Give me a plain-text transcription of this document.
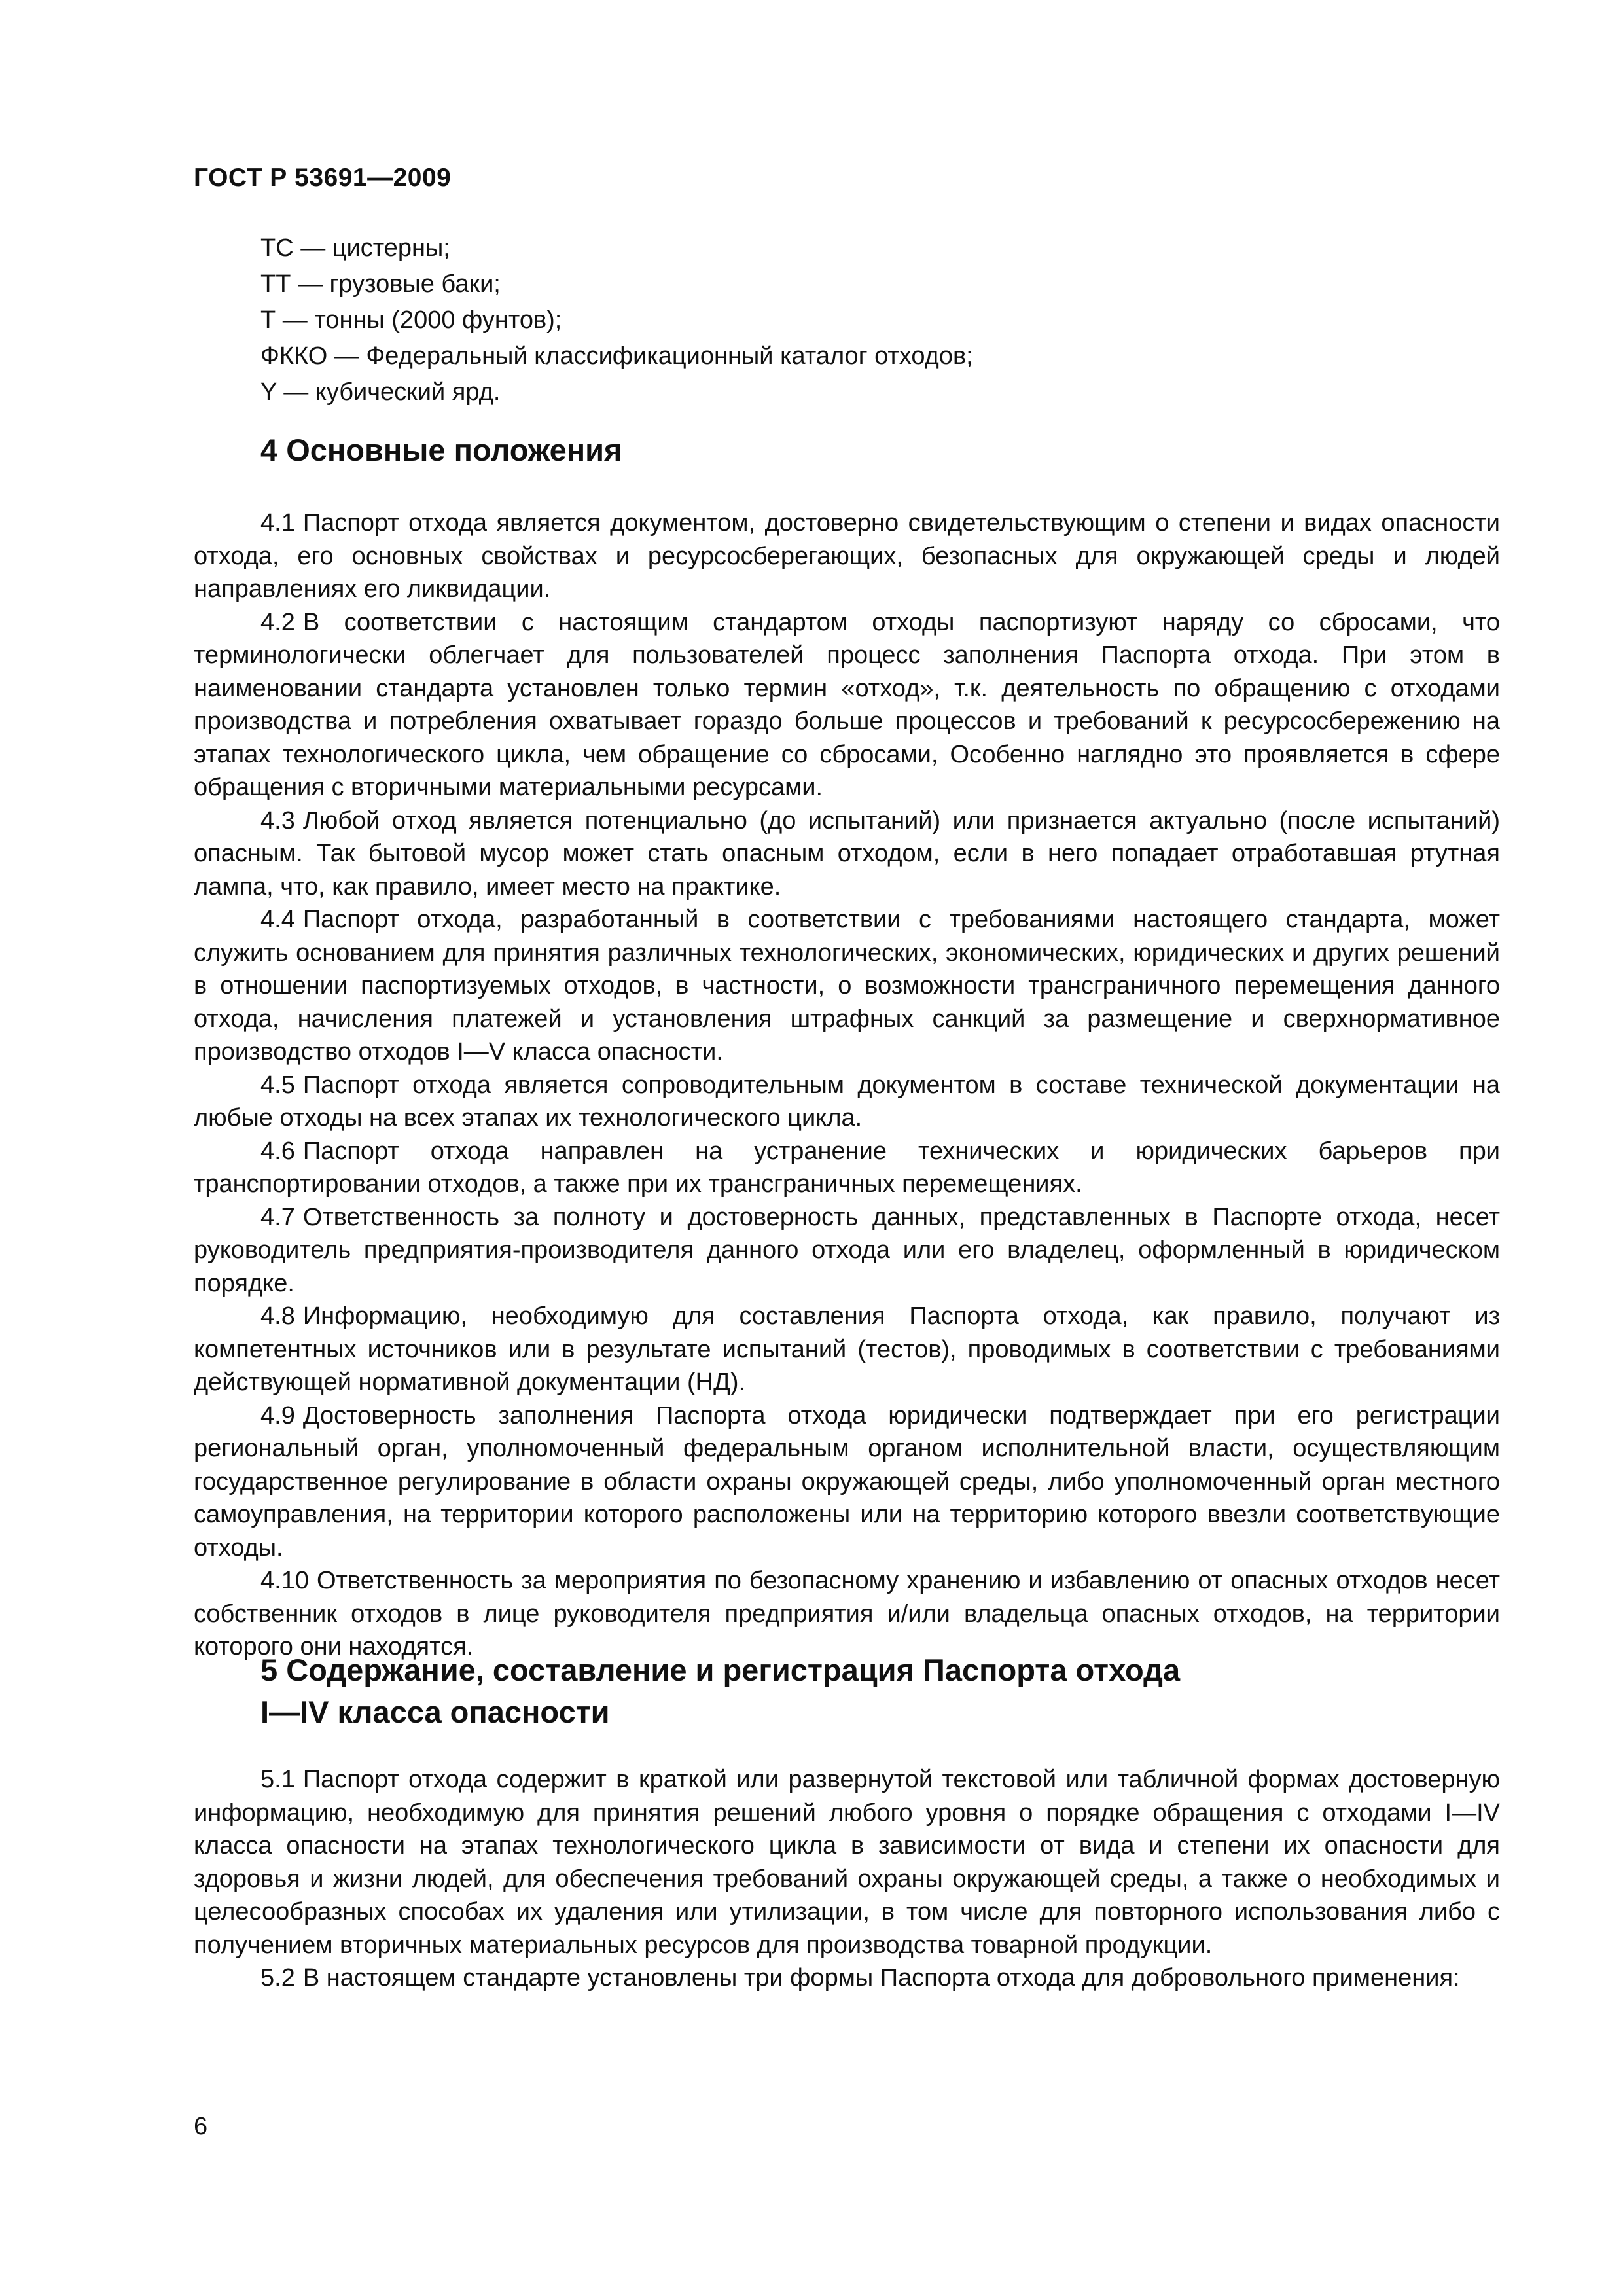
ГОСТ Р 53691—2009

ТС — цистерны;
ТТ — грузовые баки;
Т — тонны (2000 фунтов);
ФККО — Федеральный классификационный каталог отходов;
Y — кубический ярд.
4 Основные положения

4.1 Паспорт отхода является документом, достоверно свидетельствующим о степени и видах опасности отхода, его основных свойствах и ресурсосберегающих, безопасных для окружающей среды и людей направлениях его ликвидации.

4.2 В соответствии с настоящим стандартом отходы паспортизуют наряду со сбросами, что терминологически облегчает для пользователей процесс заполнения Паспорта отхода. При этом в наименовании стандарта установлен только термин «отход», т.к. деятельность по обращению с отходами производства и потребления охватывает гораздо больше процессов и требований к ресурсосбережению на этапах технологического цикла, чем обращение со сбросами, Особенно наглядно это проявляется в сфере обращения с вторичными материальными ресурсами.

4.3 Любой отход является потенциально (до испытаний) или признается актуально (после испытаний) опасным. Так бытовой мусор может стать опасным отходом, если в него попадает отработавшая ртутная лампа, что, как правило, имеет место на практике.

4.4 Паспорт отхода, разработанный в соответствии с требованиями настоящего стандарта, может служить основанием для принятия различных технологических, экономических, юридических и других решений в отношении паспортизуемых отходов, в частности, о возможности трансграничного перемещения данного отхода, начисления платежей и установления штрафных санкций за размещение и сверхнормативное производство отходов I—V класса опасности.

4.5 Паспорт отхода является сопроводительным документом в составе технической документации на любые отходы на всех этапах их технологического цикла.

4.6 Паспорт отхода направлен на устранение технических и юридических барьеров при транспортировании отходов, а также при их трансграничных перемещениях.

4.7 Ответственность за полноту и достоверность данных, представленных в Паспорте отхода, несет руководитель предприятия-производителя данного отхода или его владелец, оформленный в юридическом порядке.

4.8 Информацию, необходимую для составления Паспорта отхода, как правило, получают из компетентных источников или в результате испытаний (тестов), проводимых в соответствии с требованиями действующей нормативной документации (НД).

4.9 Достоверность заполнения Паспорта отхода юридически подтверждает при его регистрации региональный орган, уполномоченный федеральным органом исполнительной власти, осуществляющим государственное регулирование в области охраны окружающей среды, либо уполномоченный орган местного самоуправления, на территории которого расположены или на территорию которого ввезли соответствующие отходы.

4.10 Ответственность за мероприятия по безопасному хранению и избавлению от опасных отходов несет собственник отходов в лице руководителя предприятия и/или владельца опасных отходов, на территории которого они находятся.

5 Содержание, составление и регистрация Паспорта отхода
I—IV класса опасности

5.1 Паспорт отхода содержит в краткой или развернутой текстовой или табличной формах достоверную информацию, необходимую для принятия решений любого уровня о порядке обращения с отходами I—IV класса опасности на этапах технологического цикла в зависимости от вида и степени их опасности для здоровья и жизни людей, для обеспечения требований охраны окружающей среды, а также о необходимых и целесообразных способах их удаления или утилизации, в том числе для повторного использования либо с получением вторичных материальных ресурсов для производства товарной продукции.

5.2 В настоящем стандарте установлены три формы Паспорта отхода для добровольного применения:

6
